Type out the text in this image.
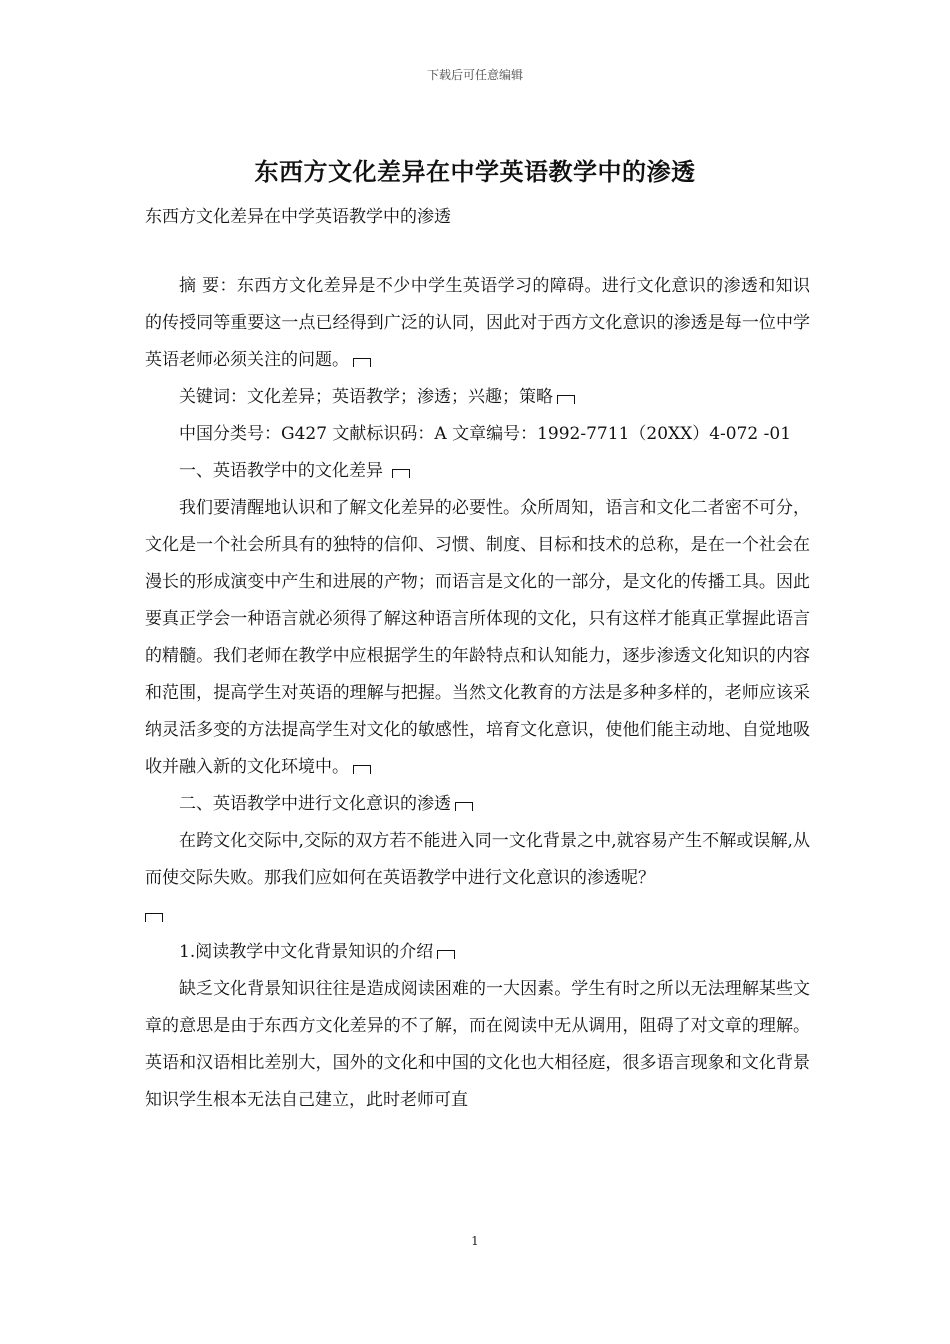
下载后可任意编辑
东西方文化差异在中学英语教学中的渗透
东西方文化差异在中学英语教学中的渗透

摘 要：东西方文化差异是不少中学生英语学习的障碍。进行文化意识的渗透和知识的传授同等重要这一点已经得到广泛的认同，因此对于西方文化意识的渗透是每一位中学英语老师必须关注的问题。

关键词：文化差异；英语教学；渗透；兴趣；策略

中国分类号：G427 文献标识码：A 文章编号：1992-7711（20XX）4-072 -01

一、英语教学中的文化差异

我们要清醒地认识和了解文化差异的必要性。众所周知，语言和文化二者密不可分，文化是一个社会所具有的独特的信仰、习惯、制度、目标和技术的总称，是在一个社会在漫长的形成演变中产生和进展的产物；而语言是文化的一部分，是文化的传播工具。因此要真正学会一种语言就必须得了解这种语言所体现的文化，只有这样才能真正掌握此语言的精髓。我们老师在教学中应根据学生的年龄特点和认知能力，逐步渗透文化知识的内容和范围，提高学生对英语的理解与把握。当然文化教育的方法是多种多样的，老师应该采纳灵活多变的方法提高学生对文化的敏感性，培育文化意识，使他们能主动地、自觉地吸收并融入新的文化环境中。

二、英语教学中进行文化意识的渗透

在跨文化交际中,交际的双方若不能进入同一文化背景之中,就容易产生不解或误解,从而使交际失败。那我们应如何在英语教学中进行文化意识的渗透呢？

1.阅读教学中文化背景知识的介绍

缺乏文化背景知识往往是造成阅读困难的一大因素。学生有时之所以无法理解某些文章的意思是由于东西方文化差异的不了解，而在阅读中无从调用，阻碍了对文章的理解。英语和汉语相比差别大，国外的文化和中国的文化也大相径庭，很多语言现象和文化背景知识学生根本无法自己建立，此时老师可直

1
